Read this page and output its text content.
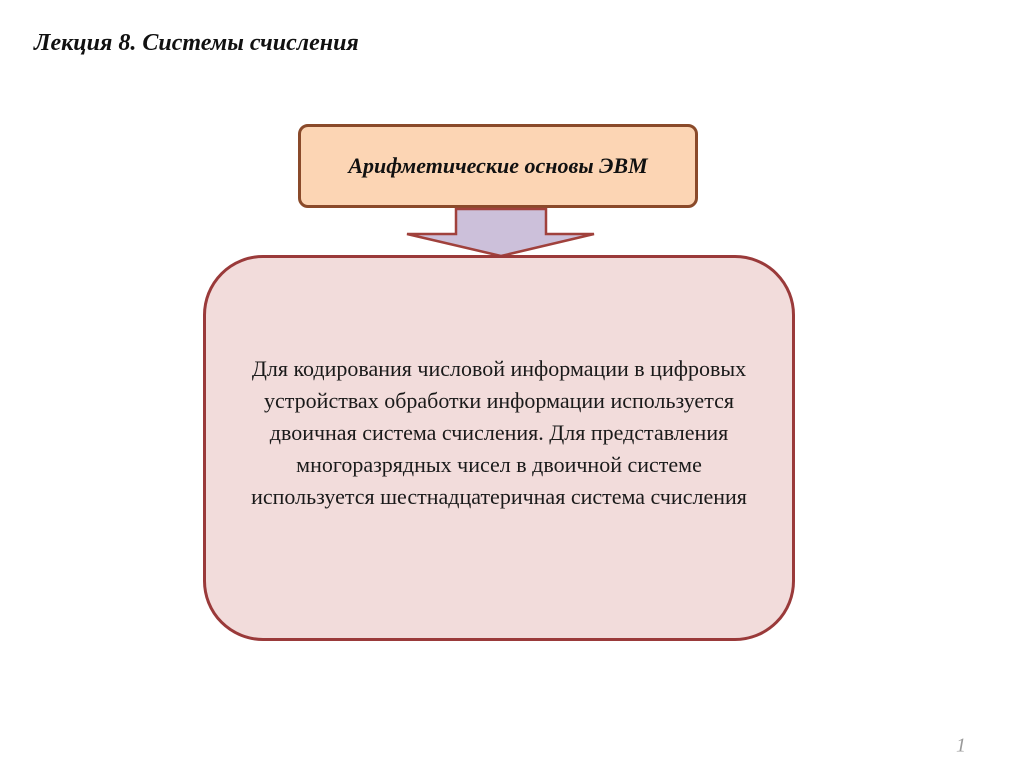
Лекция 8. Системы счисления
Арифметические основы ЭВМ
Для кодирования числовой информации в цифровых устройствах обработки информации используется двоичная система счисления. Для представления многоразрядных чисел в двоичной системе используется шестнадцатеричная система счисления
1
